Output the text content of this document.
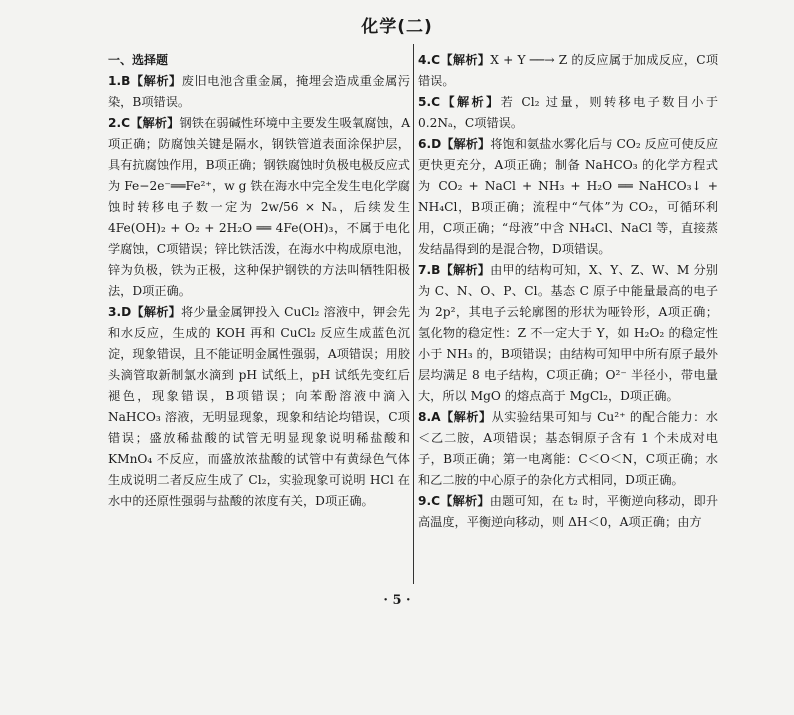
化学(二)
一、选择题

1.B【解析】废旧电池含重金属，掩埋会造成重金属污染，B项错误。

2.C【解析】钢铁在弱碱性环境中主要发生吸氧腐蚀，A项正确；防腐蚀关键是隔水，钢铁管道表面涂保护层，具有抗腐蚀作用，B项正确；钢铁腐蚀时负极电极反应式为 Fe−2e⁻══Fe²⁺，w g 铁在海水中完全发生电化学腐蚀时转移电子数一定为 2w/56 × Nₐ，后续发生 4Fe(OH)₂ + O₂ + 2H₂O ══ 4Fe(OH)₃，不属于电化学腐蚀，C项错误；锌比铁活泼，在海水中构成原电池，锌为负极，铁为正极，这种保护钢铁的方法叫牺牲阳极法，D项正确。

3.D【解析】将少量金属钾投入 CuCl₂ 溶液中，钾会先和水反应，生成的 KOH 再和 CuCl₂ 反应生成蓝色沉淀，现象错误，且不能证明金属性强弱，A项错误；用胶头滴管取新制氯水滴到 pH 试纸上，pH 试纸先变红后褪色，现象错误，B项错误；向苯酚溶液中滴入 NaHCO₃ 溶液，无明显现象，现象和结论均错误，C项错误；盛放稀盐酸的试管无明显现象说明稀盐酸和 KMnO₄ 不反应，而盛放浓盐酸的试管中有黄绿色气体生成说明二者反应生成了 Cl₂，实验现象可说明 HCl 在水中的还原性强弱与盐酸的浓度有关，D项正确。

4.C【解析】X + Y ──→ Z 的反应属于加成反应，C项错误。

5.C【解析】若 Cl₂ 过量，则转移电子数目小于 0.2Nₐ，C项错误。

6.D【解析】将饱和氨盐水雾化后与 CO₂ 反应可使反应更快更充分，A项正确；制备 NaHCO₃ 的化学方程式为 CO₂ + NaCl + NH₃ + H₂O ══ NaHCO₃↓ + NH₄Cl，B项正确；流程中“气体”为 CO₂，可循环利用，C项正确；“母液”中含 NH₄Cl、NaCl 等，直接蒸发结晶得到的是混合物，D项错误。

7.B【解析】由甲的结构可知，X、Y、Z、W、M 分别为 C、N、O、P、Cl。基态 C 原子中能量最高的电子为 2p²，其电子云轮廓图的形状为哑铃形，A项正确；氢化物的稳定性：Z 不一定大于 Y，如 H₂O₂ 的稳定性小于 NH₃ 的，B项错误；由结构可知甲中所有原子最外层均满足 8 电子结构，C项正确；O²⁻ 半径小，带电量大，所以 MgO 的熔点高于 MgCl₂，D项正确。

8.A【解析】从实验结果可知与 Cu²⁺ 的配合能力：水＜乙二胺，A项错误；基态铜原子含有 1 个未成对电子，B项正确；第一电离能：C＜O＜N，C项正确；水和乙二胺的中心原子的杂化方式相同，D项正确。

9.C【解析】由题可知，在 t₂ 时，平衡逆向移动，即升高温度，平衡逆向移动，则 ΔH＜0，A项正确；由方

· 5 ·
